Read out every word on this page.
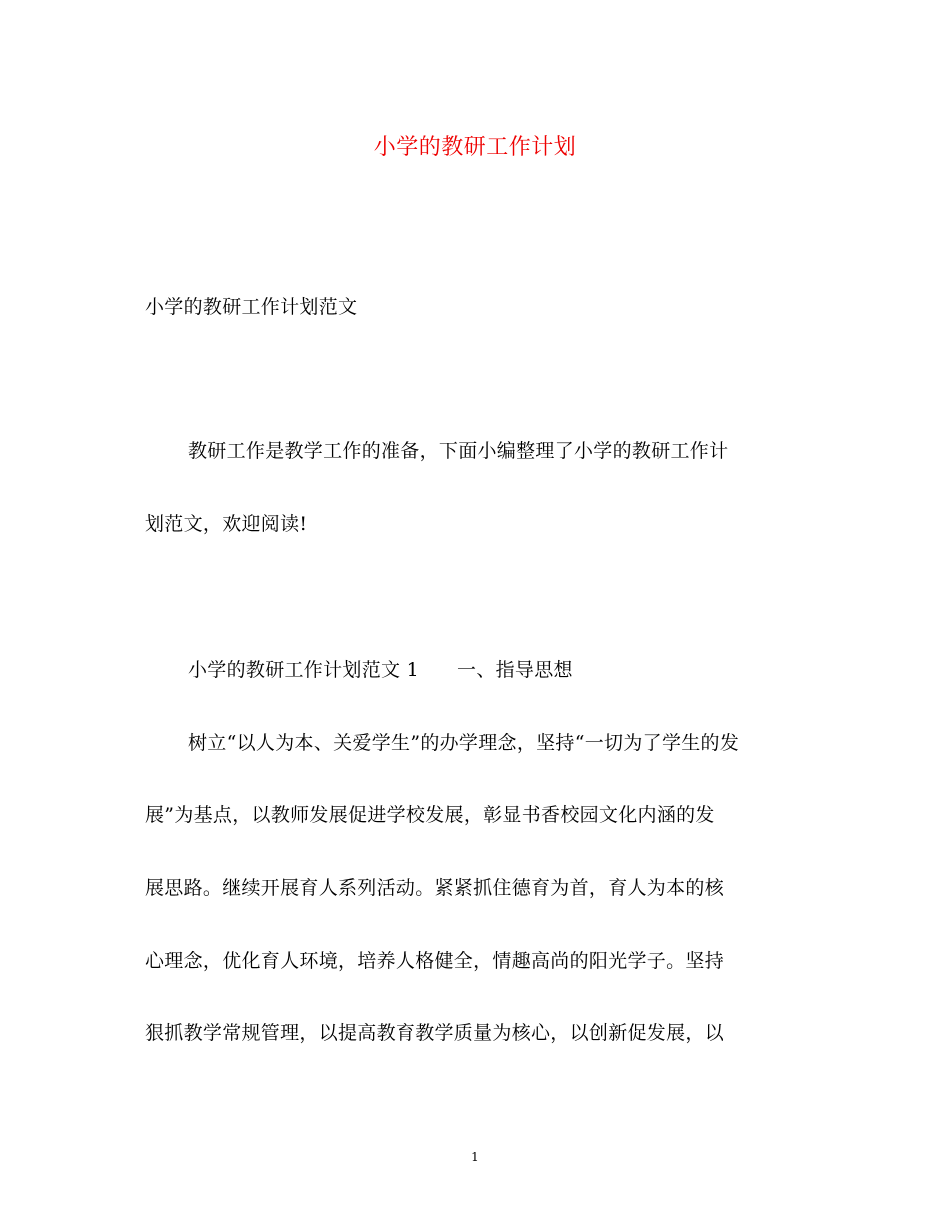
小学的教研工作计划
小学的教研工作计划范文
教研工作是教学工作的准备，下面小编整理了小学的教研工作计
划范文，欢迎阅读!
小学的教研工作计划范文 1 一、指导思想
树立“以人为本、关爱学生”的办学理念，坚持“一切为了学生的发
展”为基点，以教师发展促进学校发展，彰显书香校园文化内涵的发
展思路。继续开展育人系列活动。紧紧抓住德育为首，育人为本的核
心理念，优化育人环境，培养人格健全，情趣高尚的阳光学子。坚持
狠抓教学常规管理，以提高教育教学质量为核心，以创新促发展，以
1
